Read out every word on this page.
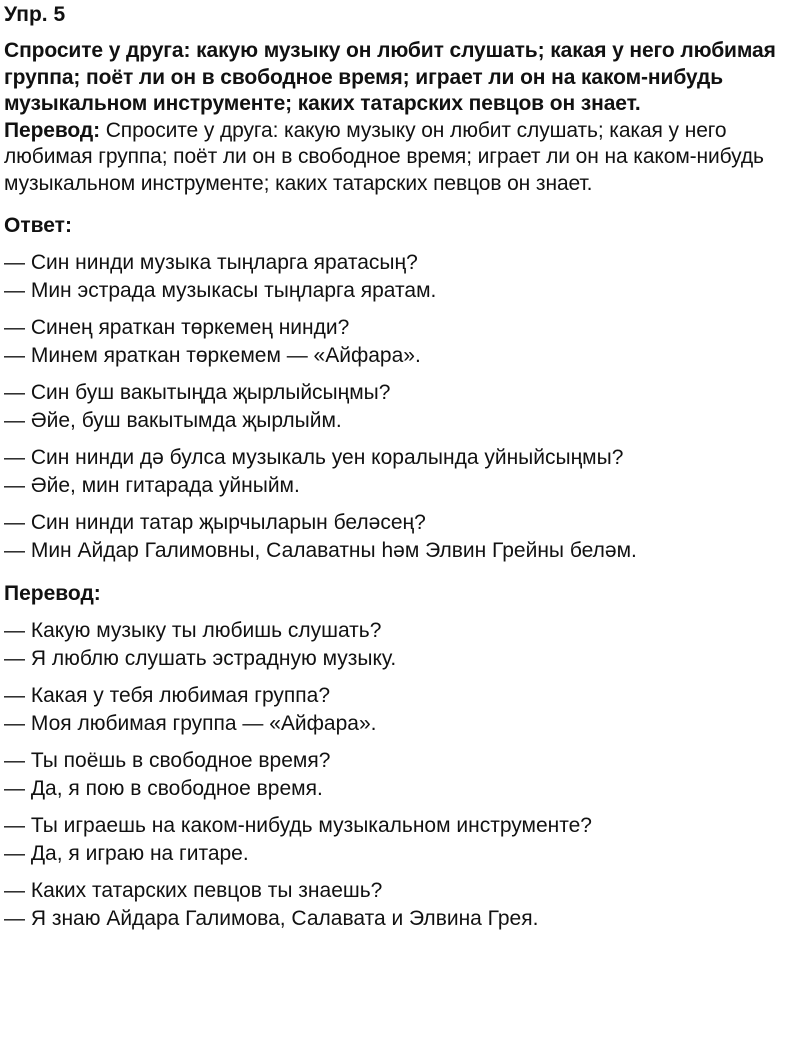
Упр. 5
Спросите у друга: какую музыку он любит слушать; какая у него любимая группа; поёт ли он в свободное время; играет ли он на каком-нибудь музыкальном инструменте; каких татарских певцов он знает.
Перевод: Спросите у друга: какую музыку он любит слушать; какая у него любимая группа; поёт ли он в свободное время; играет ли он на каком-нибудь музыкальном инструменте; каких татарских певцов он знает.
Ответ:
— Син нинди музыка тыңларга яратасың?
— Мин эстрада музыкасы тыңларга яратам.
— Синең яраткан төркемең нинди?
— Минем яраткан төркемем — «Айфара».
— Син буш вакытыңда җырлыйсыңмы?
— Әйе, буш вакытымда җырлыйм.
— Син нинди дә булса музыкаль уен коралында уйныйсыңмы?
— Әйе, мин гитарада уйныйм.
— Син нинди татар җырчыларын беләсең?
— Мин Айдар Галимовны, Салаватны һәм Элвин Грейны беләм.
Перевод:
— Какую музыку ты любишь слушать?
— Я люблю слушать эстрадную музыку.
— Какая у тебя любимая группа?
— Моя любимая группа — «Айфара».
— Ты поёшь в свободное время?
— Да, я пою в свободное время.
— Ты играешь на каком-нибудь музыкальном инструменте?
— Да, я играю на гитаре.
— Каких татарских певцов ты знаешь?
— Я знаю Айдара Галимова, Салавата и Элвина Грея.
